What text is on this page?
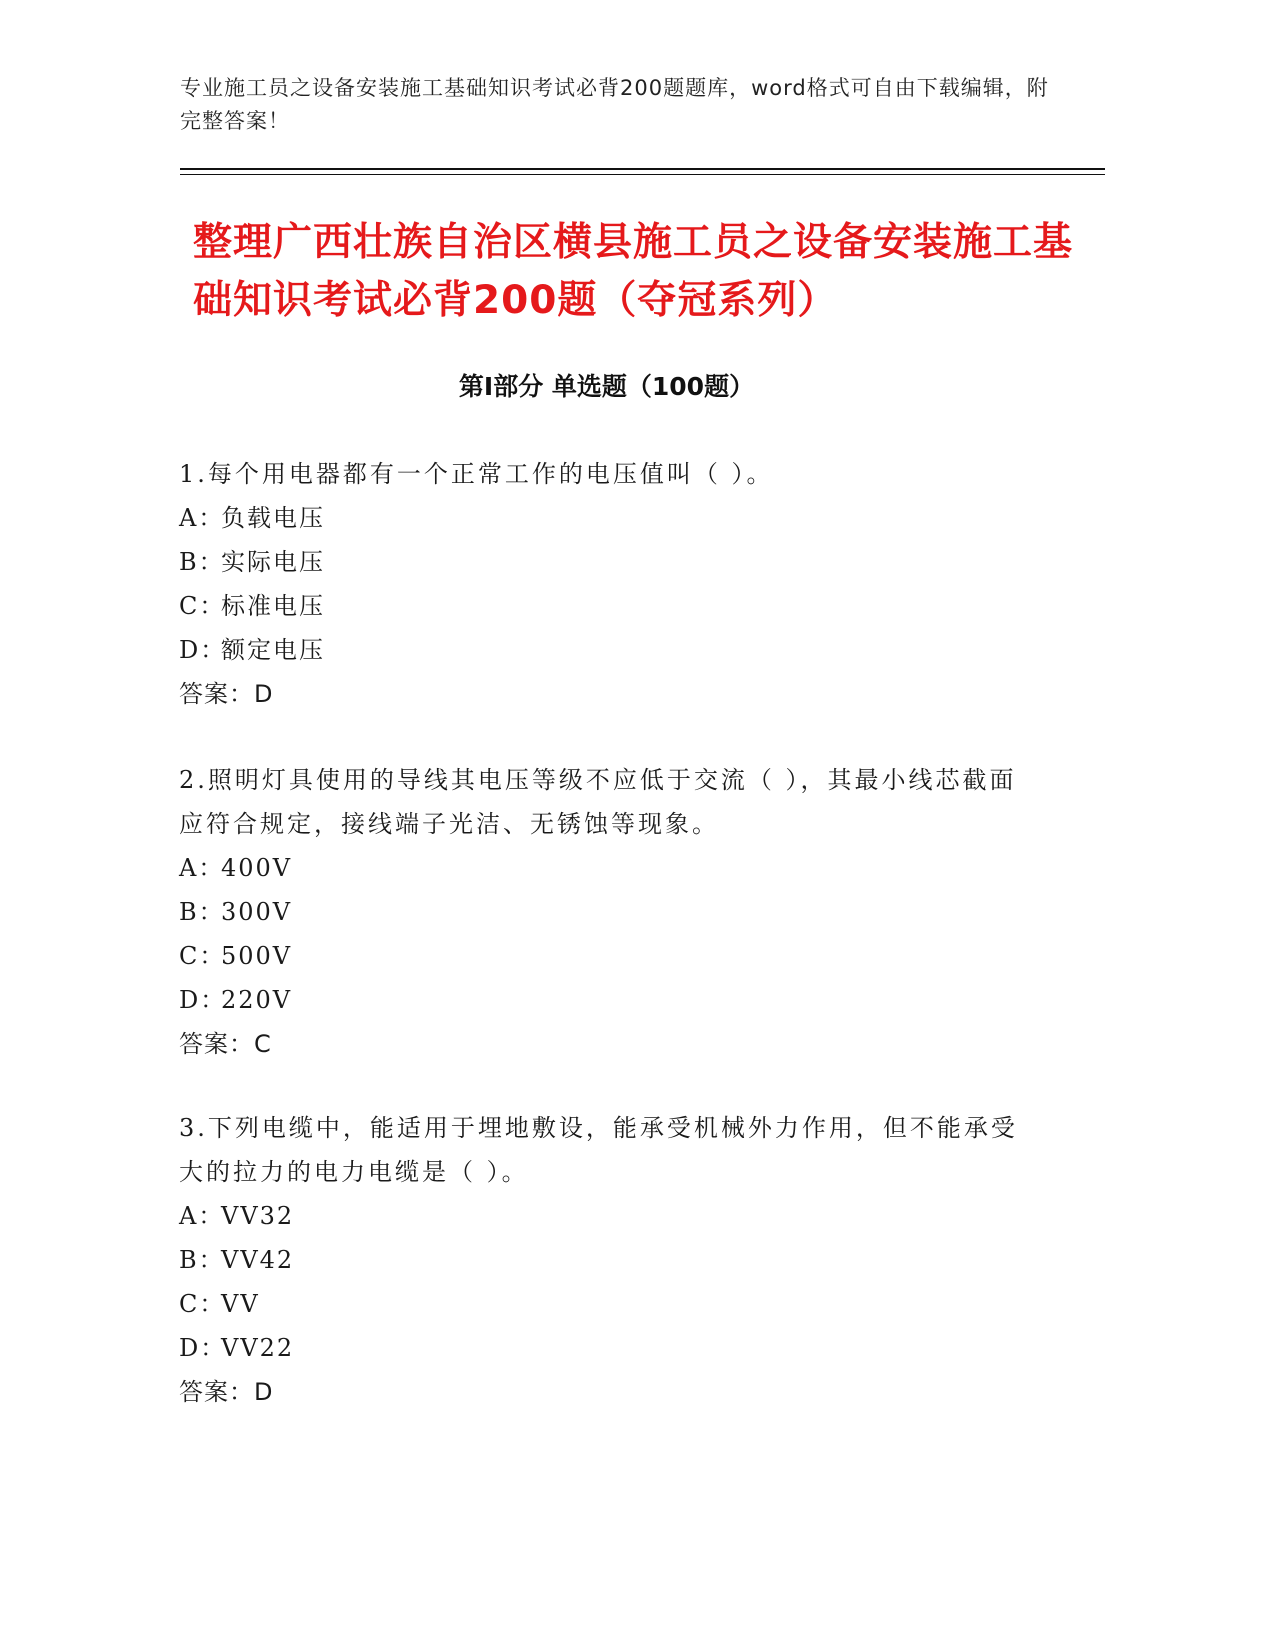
专业施工员之设备安装施工基础知识考试必背200题题库，word格式可自由下载编辑，附完整答案！
整理广西壮族自治区横县施工员之设备安装施工基础知识考试必背200题（夺冠系列）
第Ⅰ部分 单选题（100题）

1.每个用电器都有一个正常工作的电压值叫（ ）。

A：负载电压

B：实际电压

C：标准电压

D：额定电压

答案：D

2.照明灯具使用的导线其电压等级不应低于交流（ ），其最小线芯截面应符合规定，接线端子光洁、无锈蚀等现象。

A：400V

B：300V

C：500V

D：220V

答案：C

3.下列电缆中，能适用于埋地敷设，能承受机械外力作用，但不能承受大的拉力的电力电缆是（ ）。

A：VV32

B：VV42

C：VV

D：VV22

答案：D
